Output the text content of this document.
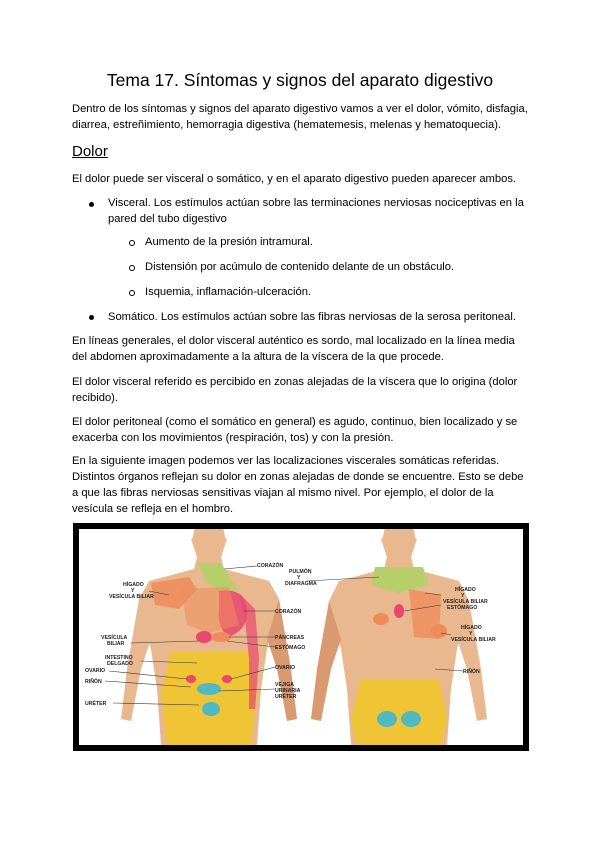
Tema 17. Síntomas y signos del aparato digestivo

Dentro de los síntomas y signos del aparato digestivo vamos a ver el dolor, vómito, disfagia, diarrea, estreñimiento, hemorragia digestiva (hematemesis, melenas y hematoquecia).

Dolor

El dolor puede ser visceral o somático, y en el aparato digestivo pueden aparecer ambos.

Visceral. Los estímulos actúan sobre las terminaciones nerviosas nociceptivas en la pared del tubo digestivo

Aumento de la presión intramural.
Distensión por acúmulo de contenido delante de un obstáculo.
Isquemia, inflamación-ulceración.

Somático. Los estímulos actúan sobre las fibras nerviosas de la serosa peritoneal.

En líneas generales, el dolor visceral auténtico es sordo, mal localizado en la línea media del abdomen aproximadamente a la altura de la víscera de la que procede.

El dolor visceral referido es percibido en zonas alejadas de la víscera que lo origina (dolor recibido).

El dolor peritoneal (como el somático en general) es agudo, continuo, bien localizado y se exacerba con los movimientos (respiración, tos) y con la presión.

En la siguiente imagen podemos ver las localizaciones viscerales somáticas referidas. Distintos órganos reflejan su dolor en zonas alejadas de donde se encuentre. Esto se debe a que las fibras nerviosas sensitivas viajan al mismo nivel. Por ejemplo, el dolor de la vesícula se refleja en el hombro.

CORAZÓN
HÍGADO
Y
VESÍCULA BILIAR
CORAZÓN
VESÍCULA
BILIAR
PÁNCREAS
ESTÓMAGO
INTESTINO
DELGADO
OVARIO	OVARIO
RIÑÓN	VEJIGA
URINARIA
URÉTER
URÉTER
PULMÓN
Y
DIAFRAGMA
HÍGADO
Y
VESÍCULA BILIAR
ESTÓMAGO
HÍGADO
Y
VESÍCULA BILIAR
RIÑÓN
